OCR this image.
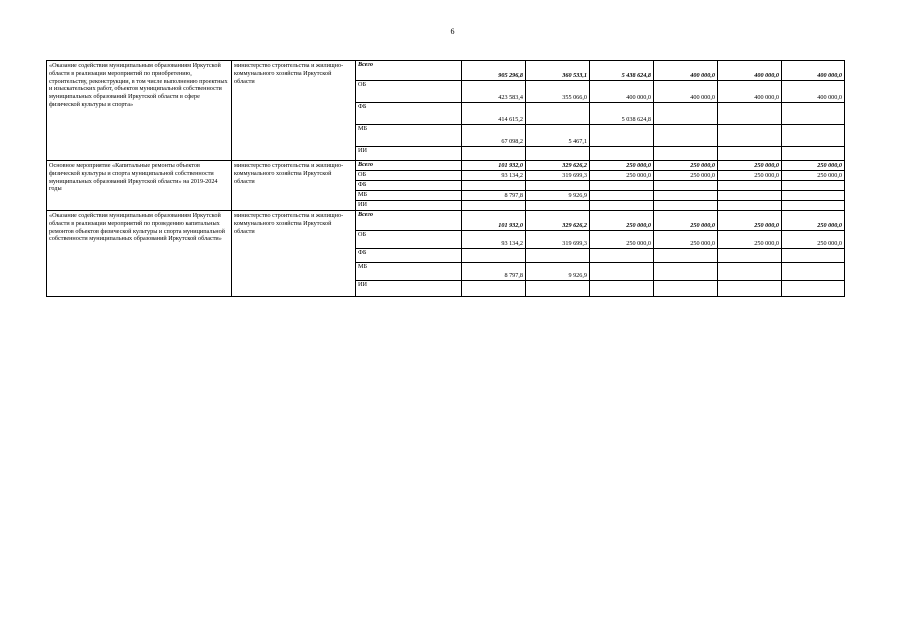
6
«Оказание содействия муниципальным образованиям Иркутской области в реализации мероприятий по приобретению, строительству, реконструкции, в том числе выполнению проектных и изыскательских работ, объектов муниципальной собственности муниципальных образований Иркутской области в сфере физической культуры и спорта»	министерство строительства и жилищно-коммунального хозяйства Иркутской области	Всего	905 296,8	360 533,1	5 438 624,8	400 000,0	400 000,0	400 000,0
		ОБ	423 583,4	355 066,0	400 000,0	400 000,0	400 000,0	400 000,0
		ФБ	414 615,2		5 038 624,8			
		МБ	67 098,2	5 467,1				
		ИИ						
Основное мероприятие «Капитальные ремонты объектов физической культуры и спорта муниципальной собственности муниципальных образований Иркутской области» на 2019-2024 годы	министерство строительства и жилищно-коммунального хозяйства Иркутской области	Всего	101 932,0	329 626,2	250 000,0	250 000,0	250 000,0	250 000,0
		ОБ	93 134,2	319 699,3	250 000,0	250 000,0	250 000,0	250 000,0
		ФБ						
		МБ	8 797,8	9 926,9				
		ИИ						
«Оказание содействия муниципальным образованиям Иркутской области в реализации мероприятий по проведению капитальных ремонтов объектов физической культуры и спорта муниципальной собственности муниципальных образований Иркутской области»	министерство строительства и жилищно-коммунального хозяйства Иркутской области	Всего	101 932,0	329 626,2	250 000,0	250 000,0	250 000,0	250 000,0
		ОБ	93 134,2	319 699,3	250 000,0	250 000,0	250 000,0	250 000,0
		ФБ						
		МБ	8 797,8	9 926,9				
		ИИ						
